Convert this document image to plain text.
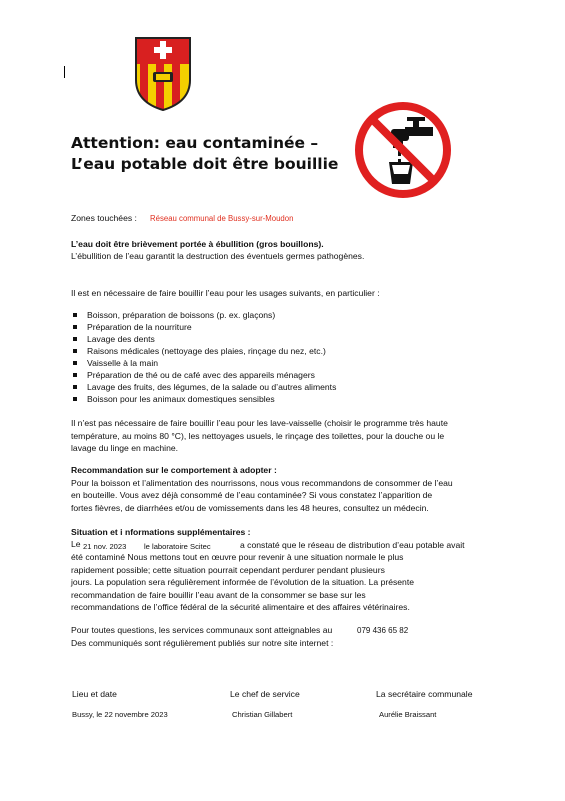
Attention: eau contaminée –
L’eau potable doit être bouillie
Zones touchées : Réseau communal de Bussy-sur-Moudon
L’eau doit être brièvement portée à ébullition (gros bouillons).
L’ébullition de l’eau garantit la destruction des éventuels germes pathogènes.
Il est en nécessaire de faire bouillir l’eau pour les usages suivants, en particulier :
Boisson, préparation de boissons (p. ex. glaçons)
Préparation de la nourriture
Lavage des dents
Raisons médicales (nettoyage des plaies, rinçage du nez, etc.)
Vaisselle à la main
Préparation de thé ou de café avec des appareils ménagers
Lavage des fruits, des légumes, de la salade ou d’autres aliments
Boisson pour les animaux domestiques sensibles
Il n’est pas nécessaire de faire bouillir l’eau pour les lave-vaisselle (choisir le programme très haute
température, au moins 80 °C), les nettoyages usuels, le rinçage des toilettes, pour la douche ou le
lavage du linge en machine.
Recommandation sur le comportement à adopter :
Pour la boisson et l’alimentation des nourrissons, nous vous recommandons de consommer de l’eau
en bouteille. Vous avez déjà consommé de l’eau contaminée? Si vous constatez l’apparition de
fortes fièvres, de diarrhées et/ou de vomissements dans les 48 heures, consultez un médecin.
Situation et i nformations supplémentaires :
Le 21 nov. 2023 le laboratoire Scitec	a constaté que le réseau de distribution d’eau potable avait
été contaminé Nous mettons tout en œuvre pour revenir à une situation normale le plus
rapidement possible; cette situation pourrait cependant perdurer pendant plusieurs
jours. La population sera régulièrement informée de l’évolution de la situation. La présente
recommandation de faire bouillir l’eau avant de la consommer se base sur les
recommandations de l’office fédéral de la sécurité alimentaire et des affaires vétérinaires.
Pour toutes questions, les services communaux sont atteignables au	079 436 65 82
Des communiqués sont régulièrement publiés sur notre site internet :
Lieu et date	Le chef de service	La secrétaire communale
Bussy, le 22 novembre 2023	Christian Gillabert	Aurélie Braissant
